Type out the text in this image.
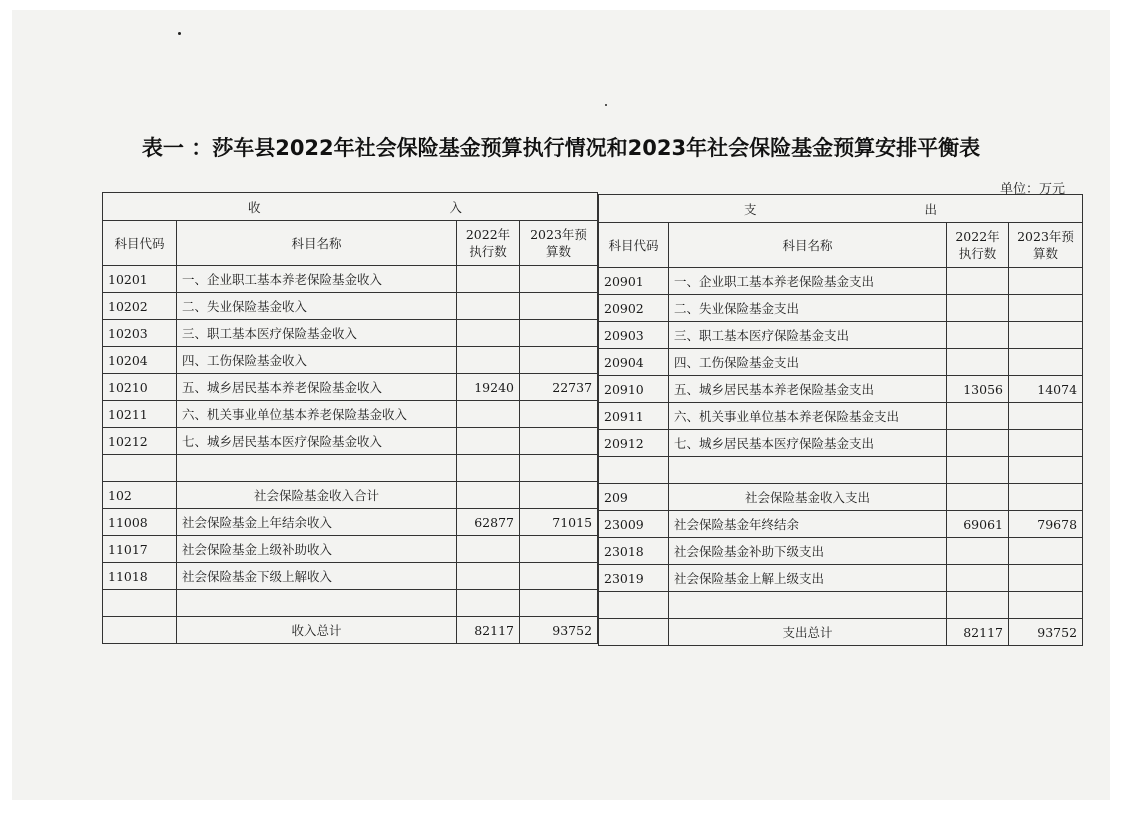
表一 ：莎车县2022年社会保险基金预算执行情况和2023年社会保险基金预算安排平衡表
单位：万元
收 入			

科目代码	科目名称	2022年执行数	2023年预算数
10201	一、企业职工基本养老保险基金收入		
10202	二、失业保险基金收入		
10203	三、职工基本医疗保险基金收入		
10204	四、工伤保险基金收入		
10210	五、城乡居民基本养老保险基金收入	19240	22737
10211	六、机关事业单位基本养老保险基金收入		
10212	七、城乡居民基本医疗保险基金收入		

102	社会保险基金收入合计		
11008	社会保险基金上年结余收入	62877	71015
11017	社会保险基金上级补助收入		
11018	社会保险基金下级上解收入		

	收入总计	82117	93752
支 出			

科目代码	科目名称	2022年执行数	2023年预算数
20901	一、企业职工基本养老保险基金支出		
20902	二、失业保险基金支出		
20903	三、职工基本医疗保险基金支出		
20904	四、工伤保险基金支出		
20910	五、城乡居民基本养老保险基金支出	13056	14074
20911	六、机关事业单位基本养老保险基金支出		
20912	七、城乡居民基本医疗保险基金支出		

209	社会保险基金收入支出		
23009	社会保险基金年终结余	69061	79678
23018	社会保险基金补助下级支出		
23019	社会保险基金上解上级支出		

	支出总计	82117	93752
